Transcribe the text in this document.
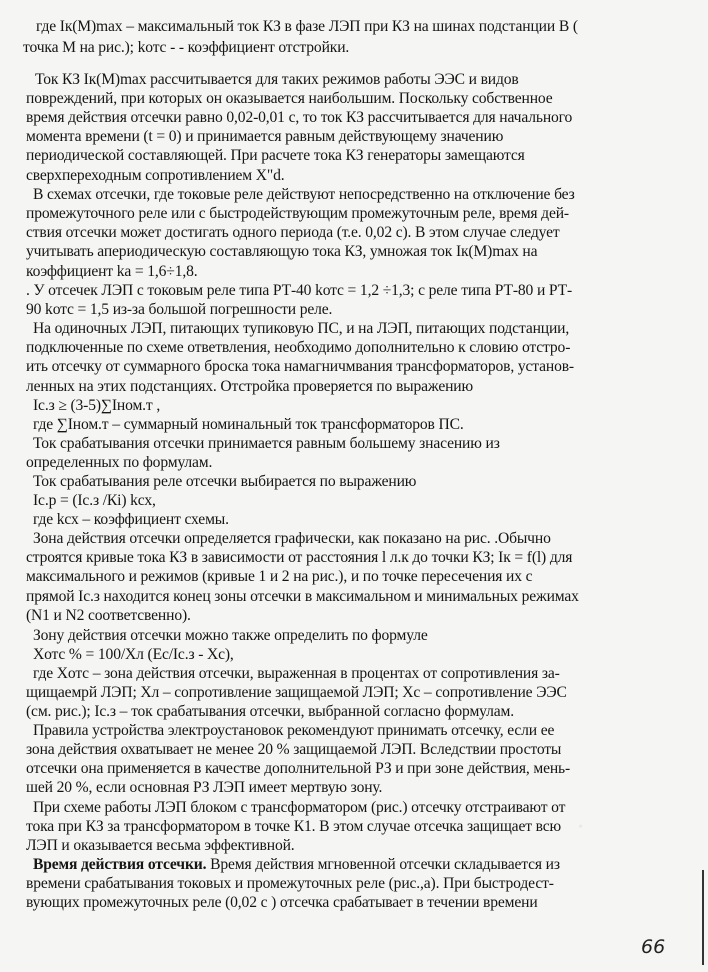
где Iк(М)max – максимальный ток КЗ в фазе ЛЭП при КЗ на шинах подстанции В (
точка М на рис.); kотс - - коэффициент отстройки.
Ток КЗ Iк(М)max рассчитывается для таких режимов работы ЭЭС и видов
повреждений, при которых он оказывается наибольшим. Поскольку собственное
время действия отсечки равно 0,02-0,01 с, то ток КЗ рассчитывается для начального
момента времени (t = 0) и принимается равным действующему значению
периодической составляющей. При расчете тока КЗ генераторы замещаются
сверхпереходным сопротивлением X"d.
В схемах отсечки, где токовые реле действуют непосредственно на отключение без
промежуточного реле или с быстродействующим промежуточным реле, время дей-
ствия отсечки может достигать одного периода (т.е. 0,02 с). В этом случае следует
учитывать апериодическую составляющую тока КЗ, умножая ток Iк(М)max на
коэффициент kа = 1,6÷1,8.
. У отсечек ЛЭП с токовым реле типа РТ-40 kотс = 1,2 ÷1,3; с реле типа РТ-80 и РТ-
90 kотс = 1,5 из-за большой погрешности реле.
На одиночных ЛЭП, питающих тупиковую ПС, и на ЛЭП, питающих подстанции,
подключенные по схеме ответвления, необходимо дополнительно к словию отстро-
ить отсечку от суммарного броска тока намагничмвания трансформаторов, установ-
ленных на этих подстанциях. Отстройка проверяется по выражению
Iс.з ≥ (3-5)∑Iном.т ,
где ∑Iном.т – суммарный номинальный ток трансформаторов ПС.
Ток срабатывания отсечки принимается равным большему знасению из
определенных по формулам.
Ток срабатывания реле отсечки выбирается по выражению
Iс.р = (Iс.з /Кi) kсх,
где kсх – коэффициент схемы.
Зона действия отсечки определяется графически, как показано на рис. .Обычно
строятся кривые тока КЗ в зависимости от расстояния l л.к до точки КЗ; Iк = f(l) для
максимального и режимов (кривые 1 и 2 на рис.), и по точке пересечения их с
прямой Iс.з находится конец зоны отсечки в максимальном и минимальных режимах
(N1 и N2 соответсвенно).
Зону действия отсечки можно также определить по формуле
Xотс % = 100/Xл (Ec/Iс.з - Xc),
где Xотс – зона действия отсечки, выраженная в процентах от сопротивления за-
щищаемрй ЛЭП; Xл – сопротивление защищаемой ЛЭП; Xc – сопротивление ЭЭС
(см. рис.); Iс.з – ток срабатывания отсечки, выбранной согласно формулам.
Правила устройства электроустановок рекомендуют принимать отсечку, если ее
зона действия охватывает не менее 20 % защищаемой ЛЭП. Вследствии простоты
отсечки она применяется в качестве дополнительной РЗ и при зоне действия, мень-
шей 20 %, если основная РЗ ЛЭП имеет мертвую зону.
При схеме работы ЛЭП блоком с трансформатором (рис.) отсечку отстраивают от
тока при КЗ за трансформатором в точке К1. В этом случае отсечка защищает всю
ЛЭП и оказывается весьма эффективной.
Время действия отсечки. Время действия мгновенной отсечки складывается из
времени срабатывания токовых и промежуточных реле (рис.,а). При быстродест-
вующих промежуточных реле (0,02 с ) отсечка срабатывает в течении времени
66
